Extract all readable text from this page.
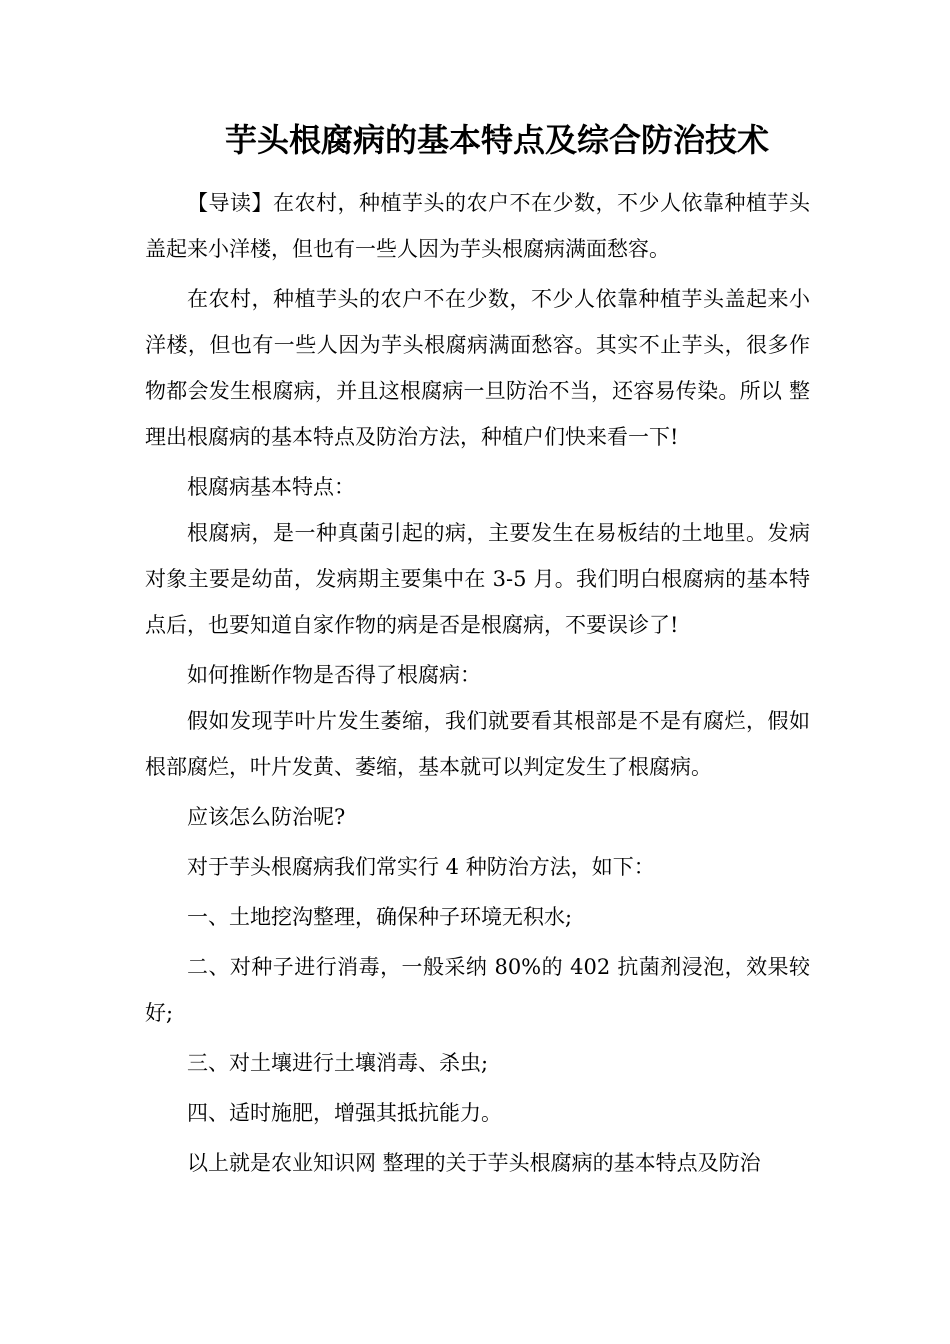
芋头根腐病的基本特点及综合防治技术

【导读】在农村，种植芋头的农户不在少数，不少人依靠种植芋头盖起来小洋楼，但也有一些人因为芋头根腐病满面愁容。

在农村，种植芋头的农户不在少数，不少人依靠种植芋头盖起来小洋楼，但也有一些人因为芋头根腐病满面愁容。其实不止芋头，很多作物都会发生根腐病，并且这根腐病一旦防治不当，还容易传染。所以 整理出根腐病的基本特点及防治方法，种植户们快来看一下!

根腐病基本特点：

根腐病，是一种真菌引起的病，主要发生在易板结的土地里。发病对象主要是幼苗，发病期主要集中在 3-5 月。我们明白根腐病的基本特点后，也要知道自家作物的病是否是根腐病，不要误诊了!

如何推断作物是否得了根腐病：

假如发现芋叶片发生萎缩，我们就要看其根部是不是有腐烂，假如根部腐烂，叶片发黄、萎缩，基本就可以判定发生了根腐病。

应该怎么防治呢?

对于芋头根腐病我们常实行 4 种防治方法，如下：

一、土地挖沟整理，确保种子环境无积水;

二、对种子进行消毒，一般采纳 80%的 402 抗菌剂浸泡，效果较好;

三、对土壤进行土壤消毒、杀虫;

四、适时施肥，增强其抵抗能力。

以上就是农业知识网 整理的关于芋头根腐病的基本特点及防治
